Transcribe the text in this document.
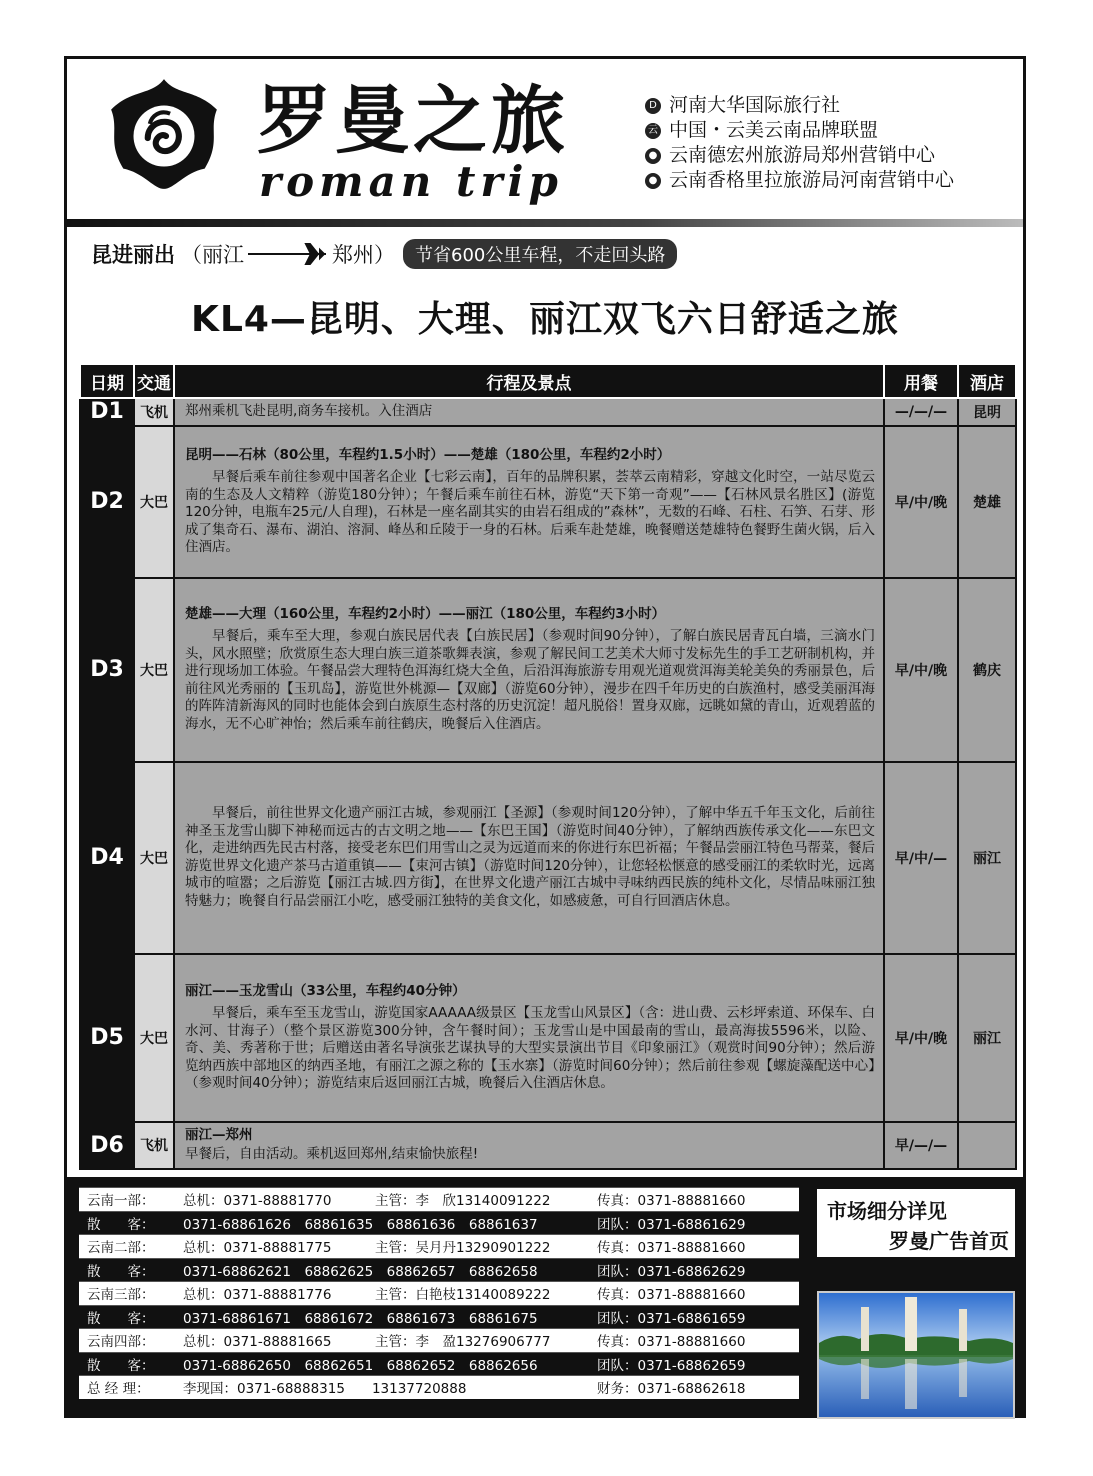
罗曼之旅
roman trip
D 河南大华国际旅行社
云 中国・云美云南品牌联盟
● 云南德宏州旅游局郑州营销中心
● 云南香格里拉旅游局河南营销中心
昆进丽出 （丽江	郑州）	节省600公里车程，不走回头路
KL4—昆明、大理、丽江双飞六日舒适之旅
日期	交通	行程及景点	用餐	酒店
D1	飞机	郑州乘机飞赴昆明,商务车接机。入住酒店	—/—/—	昆明
D2	大巴	昆明——石林（80公里，车程约1.5小时）——楚雄（180公里，车程约2小时）

早餐后乘车前往参观中国著名企业【七彩云南】，百年的品牌积累，荟萃云南精彩，穿越文化时空，一站尽览云南的生态及人文精粹（游览180分钟）；午餐后乘车前往石林，游览“天下第一奇观”——【石林风景名胜区】(游览120分钟，电瓶车25元/人自理)，石林是一座名副其实的由岩石组成的”森林”，无数的石峰、石柱、石笋、石芽、形成了集奇石、瀑布、湖泊、溶洞、峰丛和丘陵于一身的石林。后乘车赴楚雄，晚餐赠送楚雄特色餐野生菌火锅，后入住酒店。	早/中/晚	楚雄
D3	大巴	楚雄——大理（160公里，车程约2小时）——丽江（180公里，车程约3小时）

早餐后，乘车至大理，参观白族民居代表【白族民居】（参观时间90分钟），了解白族民居青瓦白墙，三滴水门头，风水照壁；欣赏原生态大理白族三道茶歌舞表演，参观了解民间工艺美术大师寸发标先生的手工艺研制机构，并进行现场加工体验。午餐品尝大理特色洱海红烧大全鱼，后沿洱海旅游专用观光道观赏洱海美轮美奂的秀丽景色，后前往风光秀丽的【玉玑岛】，游览世外桃源—【双廊】（游览60分钟），漫步在四千年历史的白族渔村，感受美丽洱海的阵阵清新海风的同时也能体会到白族原生态村落的历史沉淀！超凡脱俗！置身双廊，远眺如黛的青山，近观碧蓝的海水，无不心旷神怡；然后乘车前往鹤庆，晚餐后入住酒店。	早/中/晚	鹤庆
D4	大巴	早餐后，前往世界文化遗产丽江古城，参观丽江【圣源】（参观时间120分钟），了解中华五千年玉文化，后前往神圣玉龙雪山脚下神秘而远古的古文明之地——【东巴王国】（游览时间40分钟），了解纳西族传承文化——东巴文化，走进纳西先民古村落，接受老东巴们用雪山之灵为远道而来的你进行东巴祈福；午餐品尝丽江特色马帮菜，餐后游览世界文化遗产茶马古道重镇——【束河古镇】（游览时间120分钟），让您轻松惬意的感受丽江的柔软时光，远离城市的喧嚣；之后游览【丽江古城.四方街】，在世界文化遗产丽江古城中寻味纳西民族的纯朴文化，尽情品味丽江独特魅力；晚餐自行品尝丽江小吃，感受丽江独特的美食文化，如感疲惫，可自行回酒店休息。	早/中/—	丽江
D5	大巴	丽江——玉龙雪山（33公里，车程约40分钟）

早餐后，乘车至玉龙雪山，游览国家AAAAA级景区【玉龙雪山风景区】（含：进山费、云杉坪索道、环保车、白水河、甘海子）（整个景区游览300分钟，含午餐时间）；玉龙雪山是中国最南的雪山，最高海拔5596米，以险、奇、美、秀著称于世；后赠送由著名导演张艺谋执导的大型实景演出节目《印象丽江》（观赏时间90分钟）；然后游览纳西族中部地区的纳西圣地，有丽江之源之称的【玉水寨】（游览时间60分钟）；然后前往参观【螺旋藻配送中心】（参观时间40分钟）；游览结束后返回丽江古城，晚餐后入住酒店休息。	早/中/晚	丽江
D6	飞机	丽江—郑州
早餐后，自由活动。乘机返回郑州,结束愉快旅程!	早/—/—	
云南一部：	总机：0371-88881770	主管：李　欣13140091222	传真：0371-88881660
散　　客：	0371-68861626　68861635　68861636　68861637		团队：0371-68861629
云南二部：	总机：0371-88881775	主管：吴月丹13290901222	传真：0371-88881660
散　　客：	0371-68862621　68862625　68862657　68862658		团队：0371-68862629
云南三部：	总机：0371-88881776	主管：白艳枝13140089222	传真：0371-88881660
散　　客：	0371-68861671　68861672　68861673　68861675		团队：0371-68861659
云南四部：	总机：0371-88881665	主管：李　盈13276906777	传真：0371-88881660
散　　客：	0371-68862650　68862651　68862652　68862656		团队：0371-68862659
总 经 理：	李现国：0371-68888315　　13137720888		财务：0371-68862618
市场细分详见
罗曼广告首页
